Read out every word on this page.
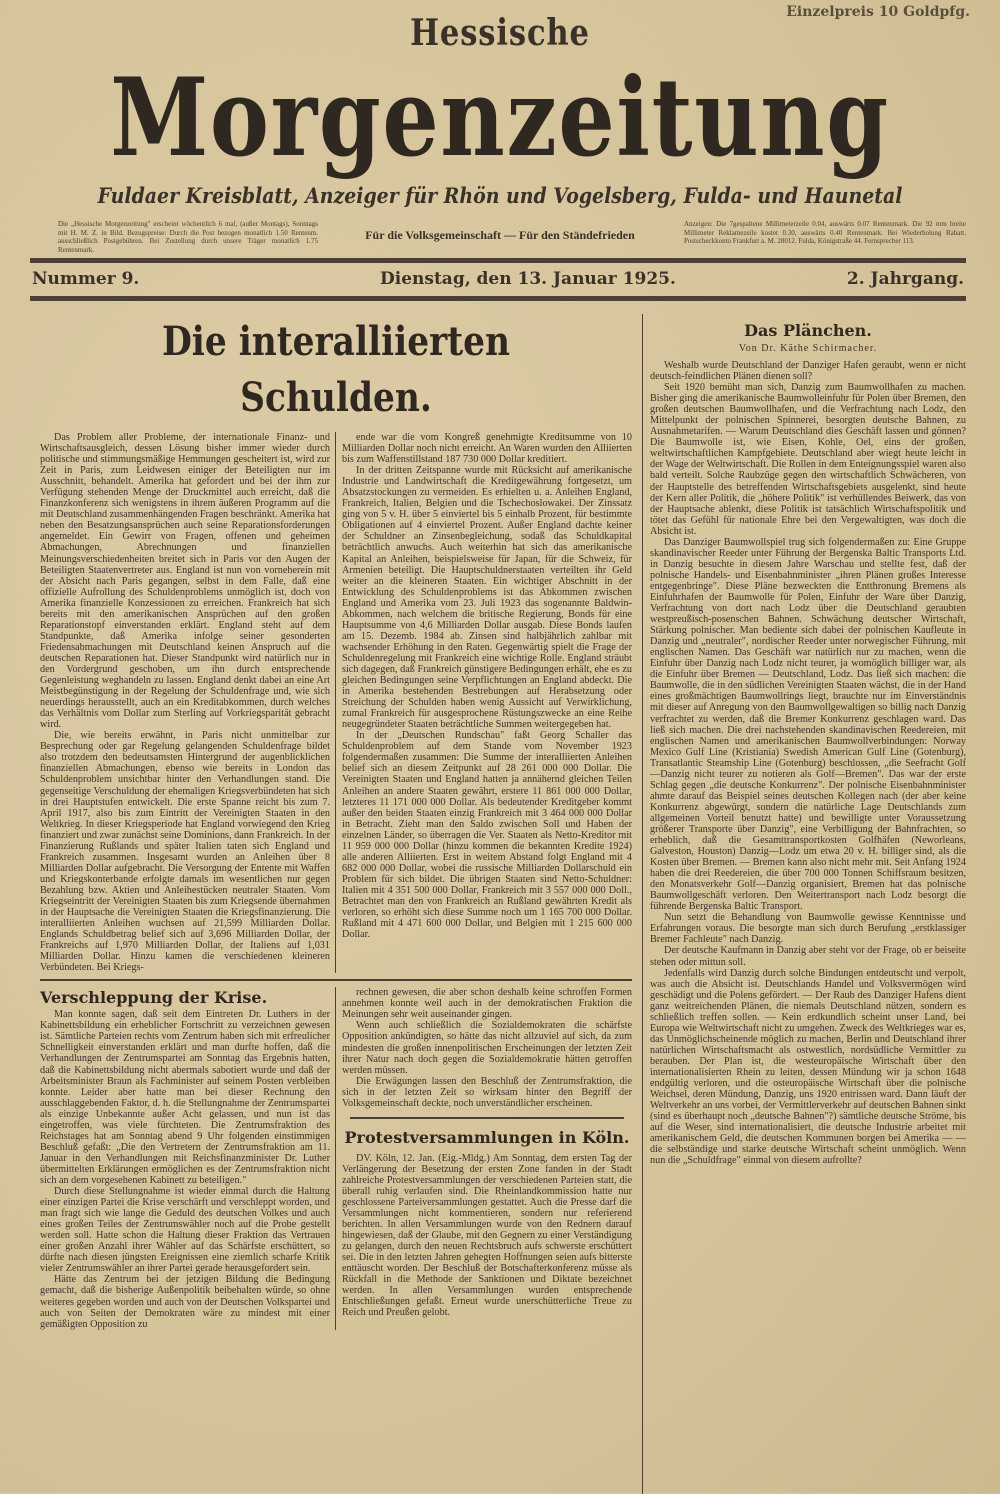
Einzelpreis 10 Goldpfg.
Hessische
Morgenzeitung
Fuldaer Kreisblatt, Anzeiger für Rhön und Vogelsberg, Fulda- und Haunetal
Die „Hessische Morgenzeitung" erscheint wöchentlich 6 mal, (außer Montags), Sonntags mit H. M. Z. in Bild. Bezugspreise: Durch die Post bezogen monatlich 1.50 Rentenm. ausschließlich Postgebühren. Bei Zustellung durch unsere Träger monatlich 1.75 Rentenmark.
Für die Volksgemeinschaft — Für den Ständefrieden
Anzeigen: Die 7gespaltene Millimeterzeile 0.04, auswärts 0.07 Rentenmark. Die 92 mm breite Millimeter Reklamezeile kostet 0.30, auswärts 0.40 Rentenmark. Bei Wiederholung Rabatt. Postscheckkonto Frankfurt a. M. 28012. Fulda, Königstraße 44. Fernsprecher 113.
Nummer 9.	Dienstag, den 13. Januar 1925.	2. Jahrgang.
Die interalliierten Schulden.

Das Problem aller Probleme, der internationale Finanz- und Wirtschaftsausgleich, dessen Lösung bisher immer wieder durch politische und stimmungsmäßige Hemmungen gescheitert ist, wird zur Zeit in Paris, zum Leidwesen einiger der Beteiligten nur im Ausschnitt, behandelt. Amerika hat gefordert und bei der ihm zur Verfügung stehenden Menge der Druckmittel auch erreicht, daß die Finanzkonferenz sich wenigstens in ihrem äußeren Programm auf die mit Deutschland zusammenhängenden Fragen beschränkt. Amerika hat neben den Besatzungsansprüchen auch seine Reparationsforderungen angemeldet. Ein Gewirr von Fragen, offenen und geheimen Abmachungen, Abrechnungen und finanziellen Meinungsverschiedenheiten breitet sich in Paris vor den Augen der Beteiligten Staatenvertreter aus. England ist nun von vorneherein mit der Absicht nach Paris gegangen, selbst in dem Falle, daß eine offizielle Aufrollung des Schuldenproblems unmöglich ist, doch von Amerika finanzielle Konzessionen zu erreichen. Frankreich hat sich bereits mit den amerikanischen Ansprüchen auf den großen Reparationstopf einverstanden erklärt. England steht auf dem Standpunkte, daß Amerika infolge seiner gesonderten Friedensabmachungen mit Deutschland keinen Anspruch auf die deutschen Reparationen hat. Dieser Standpunkt wird natürlich nur in den Vordergrund geschoben, um ihn durch entsprechende Gegenleistung weghandeln zu lassen. England denkt dabei an eine Art Meistbegünstigung in der Regelung der Schuldenfrage und, wie sich neuerdings herausstellt, auch an ein Kreditabkommen, durch welches das Verhältnis vom Dollar zum Sterling auf Vorkriegsparität gebracht wird.

Die, wie bereits erwähnt, in Paris nicht unmittelbar zur Besprechung oder gar Regelung gelangenden Schuldenfrage bildet also trotzdem den bedeutsamsten Hintergrund der augenblicklichen finanziellen Abmachungen, ebenso wie bereits in London das Schuldenproblem unsichtbar hinter den Verhandlungen stand. Die gegenseitige Verschuldung der ehemaligen Kriegsverbündeten hat sich in drei Hauptstufen entwickelt. Die erste Spanne reicht bis zum 7. April 1917, also bis zum Eintritt der Vereinigten Staaten in den Weltkrieg. In dieser Kriegsperiode hat England vorwiegend den Krieg finanziert und zwar zunächst seine Dominions, dann Frankreich. In der Finanzierung Rußlands und später Italien taten sich England und Frankreich zusammen. Insgesamt wurden an Anleihen über 8 Milliarden Dollar aufgebracht. Die Versorgung der Entente mit Waffen und Kriegskonterbande erfolgte damals im wesentlichen nur gegen Bezahlung bzw. Aktien und Anleihestücken neutraler Staaten. Vom Kriegseintritt der Vereinigten Staaten bis zum Kriegsende übernahmen in der Hauptsache die Vereinigten Staaten die Kriegsfinanzierung. Die interalliierten Anleihen wuchsen auf 21,599 Milliarden Dollar. Englands Schuldbetrag belief sich auf 3,696 Milliarden Dollar, der Frankreichs auf 1,970 Milliarden Dollar, der Italiens auf 1,031 Milliarden Dollar. Hinzu kamen die verschiedenen kleineren Verbündeten. Bei Kriegs-

ende war die vom Kongreß genehmigte Kreditsumme von 10 Milliarden Dollar noch nicht erreicht. An Waren wurden den Alliierten bis zum Waffenstillstand 187 730 000 Dollar kreditiert.

In der dritten Zeitspanne wurde mit Rücksicht auf amerikanische Industrie und Landwirtschaft die Kreditgewährung fortgesetzt, um Absatzstockungen zu vermeiden. Es erhielten u. a. Anleihen England, Frankreich, Italien, Belgien und die Tschechoslowakei. Der Zinssatz ging von 5 v. H. über 5 einviertel bis 5 einhalb Prozent, für bestimmte Obligationen auf 4 einviertel Prozent. Außer England dachte keiner der Schuldner an Zinsenbegleichung, sodaß das Schuldkapital beträchtlich anwuchs. Auch weiterhin hat sich das amerikanische Kapital an Anleihen, beispielsweise für Japan, für die Schweiz, für Armenien beteiligt. Die Hauptschuldnerstaaten verteilten ihr Geld weiter an die kleineren Staaten. Ein wichtiger Abschnitt in der Entwicklung des Schuldenproblems ist das Abkommen zwischen England und Amerika vom 23. Juli 1923 das sogenannte Baldwin-Abkommen, nach welchem die britische Regierung, Bonds für eine Hauptsumme von 4,6 Milliarden Dollar ausgab. Diese Bonds laufen am 15. Dezemb. 1984 ab. Zinsen sind halbjährlich zahlbar mit wachsender Erhöhung in den Raten. Gegenwärtig spielt die Frage der Schuldenregelung mit Frankreich eine wichtige Rolle. England sträubt sich dagegen, daß Frankreich günstigere Bedingungen erhält, ehe es zu gleichen Bedingungen seine Verpflichtungen an England abdeckt. Die in Amerika bestehenden Bestrebungen auf Herabsetzung oder Streichung der Schulden haben wenig Aussicht auf Verwirklichung, zumal Frankreich für ausgesprochene Rüstungszwecke an eine Reihe neugegründeter Staaten beträchtliche Summen weitergegeben hat.

In der „Deutschen Rundschau" faßt Georg Schaller das Schuldenproblem auf dem Stande vom November 1923 folgendermaßen zusammen: Die Summe der interalliierten Anleihen belief sich an diesem Zeitpunkt auf 28 261 000 000 Dollar. Die Vereinigten Staaten und England hatten ja annähernd gleichen Teilen Anleihen an andere Staaten gewährt, erstere 11 861 000 000 Dollar, letzteres 11 171 000 000 Dollar. Als bedeutender Kreditgeber kommt außer den beiden Staaten einzig Frankreich mit 3 464 000 000 Dollar in Betracht. Zieht man den Saldo zwischen Soll und Haben der einzelnen Länder, so überragen die Ver. Staaten als Netto-Kreditor mit 11 959 000 000 Dollar (hinzu kommen die bekannten Kredite 1924) alle anderen Alliierten. Erst in weitem Abstand folgt England mit 4 682 000 000 Dollar, wobei die russische Milliarden Dollarschuld ein Problem für sich bildet. Die übrigen Staaten sind Netto-Schuldner: Italien mit 4 351 500 000 Dollar, Frankreich mit 3 557 000 000 Doll., Betrachtet man den von Frankreich an Rußland gewährten Kredit als verloren, so erhöht sich diese Summe noch um 1 165 700 000 Dollar. Rußland mit 4 471 600 000 Dollar, und Belgien mit 1 215 600 000 Dollar.

Verschleppung der Krise.

Man konnte sagen, daß seit dem Eintreten Dr. Luthers in der Kabinettsbildung ein erheblicher Fortschritt zu verzeichnen gewesen ist. Sämtliche Parteien rechts vom Zentrum haben sich mit erfreulicher Schnelligkeit einverstanden erklärt und man durfte hoffen, daß die Verhandlungen der Zentrumspartei am Sonntag das Ergebnis hatten, daß die Kabinettsbildung nicht abermals sabotiert wurde und daß der Arbeitsminister Braun als Fachminister auf seinem Posten verbleiben konnte. Leider aber hatte man bei dieser Rechnung den ausschlaggebenden Faktor, d. h. die Stellungnahme der Zentrumspartei als einzige Unbekannte außer Acht gelassen, und nun ist das eingetroffen, was viele fürchteten. Die Zentrumsfraktion des Reichstages hat am Sonntag abend 9 Uhr folgenden einstimmigen Beschluß gefaßt: „Die den Vertretern der Zentrumsfraktion am 11. Januar in den Verhandlungen mit Reichsfinanzminister Dr. Luther übermittelten Erklärungen ermöglichen es der Zentrumsfraktion nicht sich an dem vorgesehenen Kabinett zu beteiligen."

Durch diese Stellungnahme ist wieder einmal durch die Haltung einer einzigen Partei die Krise verschärft und verschleppt worden, und man fragt sich wie lange die Geduld des deutschen Volkes und auch eines großen Teiles der Zentrumswähler noch auf die Probe gestellt werden soll. Hatte schon die Haltung dieser Fraktion das Vertrauen einer großen Anzahl ihrer Wähler auf das Schärfste erschüttert, so dürfte nach diesen jüngsten Ereignissen eine ziemlich scharfe Kritik vieler Zentrumswähler an ihrer Partei gerade herausgefordert sein.

Hätte das Zentrum bei der jetzigen Bildung die Bedingung gemacht, daß die bisherige Außenpolitik beibehalten würde, so ohne weiteres gegeben worden und auch von der Deutschen Volkspartei und auch von Seiten der Demokraten wäre zu mindest mit einer gemäßigten Opposition zu

rechnen gewesen, die aber schon deshalb keine schroffen Formen annehmen konnte weil auch in der demokratischen Fraktion die Meinungen sehr weit auseinander gingen.

Wenn auch schließlich die Sozialdemokraten die schärfste Opposition ankündigten, so hätte das nicht allzuviel auf sich, da zum mindesten die großen innenpolitischen Erscheinungen der letzten Zeit ihrer Natur nach doch gegen die Sozialdemokratie hätten getroffen werden müssen.

Die Erwägungen lassen den Beschluß der Zentrumsfraktion, die sich in der letzten Zeit so wirksam hinter den Begriff der Volksgemeinschaft deckte, noch unverständlicher erscheinen.

Protestversammlungen in Köln.

DV. Köln, 12. Jan. (Eig.-Mldg.) Am Sonntag, dem ersten Tag der Verlängerung der Besetzung der ersten Zone fanden in der Stadt zahlreiche Protestversammlungen der verschiedenen Parteien statt, die überall ruhig verlaufen sind. Die Rheinlandkommission hatte nur geschlossene Parteiversammlungen gestattet. Auch die Presse darf die Versammlungen nicht kommentieren, sondern nur referierend berichten. In allen Versammlungen wurde von den Rednern darauf hingewiesen, daß der Glaube, mit den Gegnern zu einer Verständigung zu gelangen, durch den neuen Rechtsbruch aufs schwerste erschüttert sei. Die in den letzten Jahren gehegten Hoffnungen seien aufs bitterste enttäuscht worden. Der Beschluß der Botschafterkonferenz müsse als Rückfall in die Methode der Sanktionen und Diktate bezeichnet werden. In allen Versammlungen wurden entsprechende Entschließungen gefaßt. Erneut wurde unerschütterliche Treue zu Reich und Preußen gelobt.

Das Plänchen.
Von Dr. Käthe Schirmacher.

Weshalb wurde Deutschland der Danziger Hafen geraubt, wenn er nicht deutsch-feindlichen Plänen dienen soll?

Seit 1920 bemüht man sich, Danzig zum Baumwollhafen zu machen. Bisher ging die amerikanische Baumwolleinfuhr für Polen über Bremen, den großen deutschen Baumwollhafen, und die Verfrachtung nach Lodz, den Mittelpunkt der polnischen Spinnerei, besorgten deutsche Bahnen, zu Ausnahmetarifen. — Warum Deutschland dies Geschäft lassen und gönnen? Die Baumwolle ist, wie Eisen, Kohle, Oel, eins der großen, weltwirtschaftlichen Kampfgebiete. Deutschland aber wiegt heute leicht in der Wage der Weltwirtschaft. Die Rollen in dem Enteignungsspiel waren also bald verteilt. Solche Raubzüge gegen den wirtschaftlich Schwächeren, von der Hauptstelle des betreffenden Wirtschaftsgebiets ausgelenkt, sind heute der Kern aller Politik, die „höhere Politik" ist verhüllendes Beiwerk, das von der Hauptsache ablenkt, diese Politik ist tatsächlich Wirtschaftspolitik und tötet das Gefühl für nationale Ehre bei den Vergewaltigten, was doch die Absicht ist.

Das Danziger Baumwollspiel trug sich folgendermaßen zu: Eine Gruppe skandinavischer Reeder unter Führung der Bergenska Baltic Transports Ltd. in Danzig besuchte in diesem Jahre Warschau und stellte fest, daß der polnische Handels- und Eisenbahnminister „ihren Plänen großes Interesse entgegenbringe". Diese Pläne bezweckten die Entthronung Bremens als Einfuhrhafen der Baumwolle für Polen, Einfuhr der Ware über Danzig, Verfrachtung von dort nach Lodz über die Deutschland geraubten westpreußisch-posenschen Bahnen. Schwächung deutscher Wirtschaft, Stärkung polnischer. Man bediente sich dabei der polnischen Kaufleute in Danzig und „neutraler", nordischer Reeder unter norwegischer Führung, mit englischen Namen. Das Geschäft war natürlich nur zu machen, wenn die Einfuhr über Danzig nach Lodz nicht teurer, ja womöglich billiger war, als die Einfuhr über Bremen — Deutschland, Lodz. Das ließ sich machen: die Baumwolle, die in den südlichen Vereinigten Staaten wächst, die in der Hand eines großmächtigen Baumwollrings liegt, brauchte nur im Einverständnis mit dieser auf Anregung von den Baumwollgewaltigen so billig nach Danzig verfrachtet zu werden, daß die Bremer Konkurrenz geschlagen ward. Das ließ sich machen. Die drei nachstehenden skandinavischen Reedereien, mit englischen Namen und amerikanischen Baumwollverbindungen: Norway Mexico Gulf Line (Kristiania) Swedish American Gulf Line (Gotenburg), Transatlantic Steamship Line (Gotenburg) beschlossen, „die Seefracht Golf—Danzig nicht teurer zu notieren als Golf—Bremen". Das war der erste Schlag gegen „die deutsche Konkurrenz". Der polnische Eisenbahnminister ahmte darauf das Beispiel seines deutschen Kollegen nach (der aber keine Konkurrenz abgewürgt, sondern die natürliche Lage Deutschlands zum allgemeinen Vorteil benutzt hatte) und bewilligte unter Voraussetzung größerer Transporte über Danzig", eine Verbilligung der Bahnfrachten, so erheblich, daß die Gesamttransportkosten Golfhäfen (Neworleans, Galveston, Houston) Danzig—Lodz um etwa 20 v. H. billiger sind, als die Kosten über Bremen. — Bremen kann also nicht mehr mit. Seit Anfang 1924 haben die drei Reedereien, die über 700 000 Tonnen Schiffsraum besitzen, den Monatsverkehr Golf—Danzig organisiert, Bremen hat das polnische Baumwollgeschäft verloren. Den Weitertransport nach Lodz besorgt die führende Bergenska Baltic Transport.

Nun setzt die Behandlung von Baumwolle gewisse Kenntnisse und Erfahrungen voraus. Die besorgte man sich durch Berufung „erstklassiger Bremer Fachleute" nach Danzig.

Der deutsche Kaufmann in Danzig aber steht vor der Frage, ob er beiseite stehen oder mittun soll.

Jedenfalls wird Danzig durch solche Bindungen entdeutscht und verpolt, was auch die Absicht ist. Deutschlands Handel und Volksvermögen wird geschädigt und die Polens gefördert. — Der Raub des Danziger Hafens dient ganz weitreichenden Plänen, die niemals Deutschland nützen, sondern es schließlich treffen sollen. — Kein erdkundlich scheint unser Land, bei Europa wie Weltwirtschaft nicht zu umgehen. Zweck des Weltkrieges war es, das Unmöglichscheinende möglich zu machen, Berlin und Deutschland ihrer natürlichen Wirtschaftsmacht als ostwestlich, nordsüdliche Vermittler zu berauben. Der Plan ist, die westeuropäische Wirtschaft über den internationalisierten Rhein zu leiten, dessen Mündung wir ja schon 1648 endgültig verloren, und die osteuropäische Wirtschaft über die polnische Weichsel, deren Mündung, Danzig, uns 1920 entrissen ward. Dann läuft der Weltverkehr an uns vorbei, der Vermittlerverkehr auf deutschen Bahnen sinkt (sind es überhaupt noch „deutsche Bahnen"?) sämtliche deutsche Ströme, bis auf die Weser, sind internationalisiert, die deutsche Industrie arbeitet mit amerikanischem Geld, die deutschen Kommunen borgen bei Amerika — — die selbständige und starke deutsche Wirtschaft scheint unmöglich. Wenn nun die „Schuldfrage" einmal von diesem aufrollte?
